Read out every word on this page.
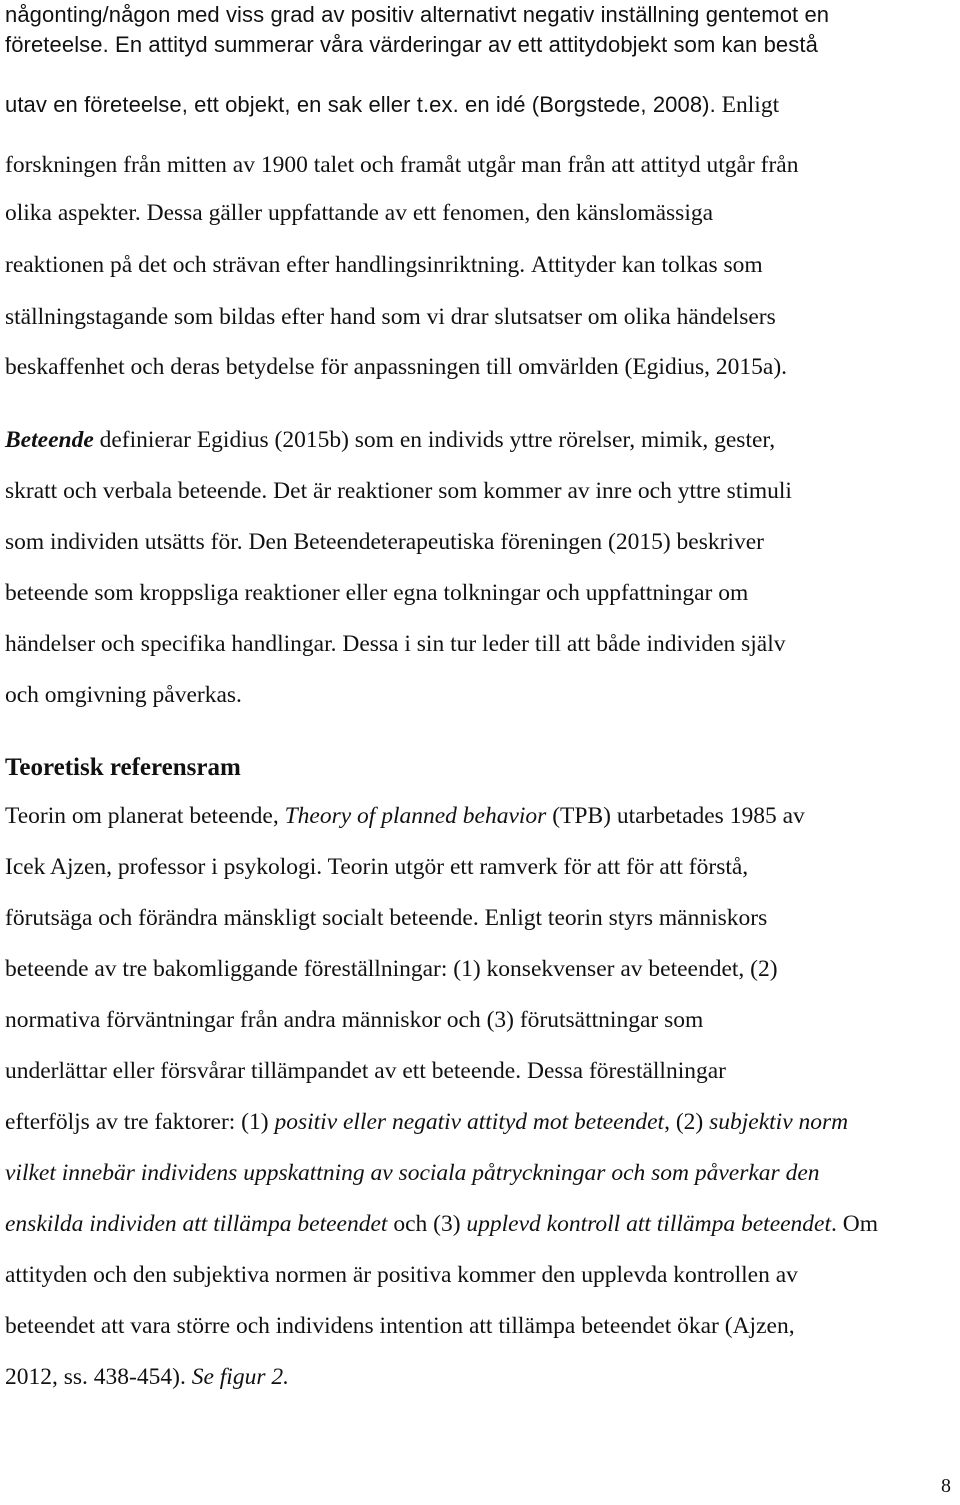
någonting/någon med viss grad av positiv alternativt negativ inställning gentemot en
företeelse. En attityd summerar våra värderingar av ett attitydobjekt som kan bestå
utav en företeelse, ett objekt, en sak eller t.ex. en idé (Borgstede, 2008). Enligt
forskningen från mitten av 1900 talet och framåt utgår man från att attityd utgår från
olika aspekter. Dessa gäller uppfattande av ett fenomen, den känslomässiga
reaktionen på det och strävan efter handlingsinriktning. Attityder kan tolkas som
ställningstagande som bildas efter hand som vi drar slutsatser om olika händelsers
beskaffenhet och deras betydelse för anpassningen till omvärlden (Egidius, 2015a).
Beteende definierar Egidius (2015b) som en individs yttre rörelser, mimik, gester,
skratt och verbala beteende. Det är reaktioner som kommer av inre och yttre stimuli
som individen utsätts för. Den Beteendeterapeutiska föreningen (2015) beskriver
beteende som kroppsliga reaktioner eller egna tolkningar och uppfattningar om
händelser och specifika handlingar. Dessa i sin tur leder till att både individen själv
och omgivning påverkas.
Teoretisk referensram
Teorin om planerat beteende, Theory of planned behavior (TPB) utarbetades 1985 av
Icek Ajzen, professor i psykologi. Teorin utgör ett ramverk för att för att förstå,
förutsäga och förändra mänskligt socialt beteende. Enligt teorin styrs människors
beteende av tre bakomliggande föreställningar: (1) konsekvenser av beteendet, (2)
normativa förväntningar från andra människor och (3) förutsättningar som
underlättar eller försvårar tillämpandet av ett beteende. Dessa föreställningar
efterföljs av tre faktorer: (1) positiv eller negativ attityd mot beteendet, (2) subjektiv norm
vilket innebär individens uppskattning av sociala påtryckningar och som påverkar den
enskilda individen att tillämpa beteendet och (3) upplevd kontroll att tillämpa beteendet. Om
attityden och den subjektiva normen är positiva kommer den upplevda kontrollen av
beteendet att vara större och individens intention att tillämpa beteendet ökar (Ajzen,
2012, ss. 438-454). Se figur 2.
8
